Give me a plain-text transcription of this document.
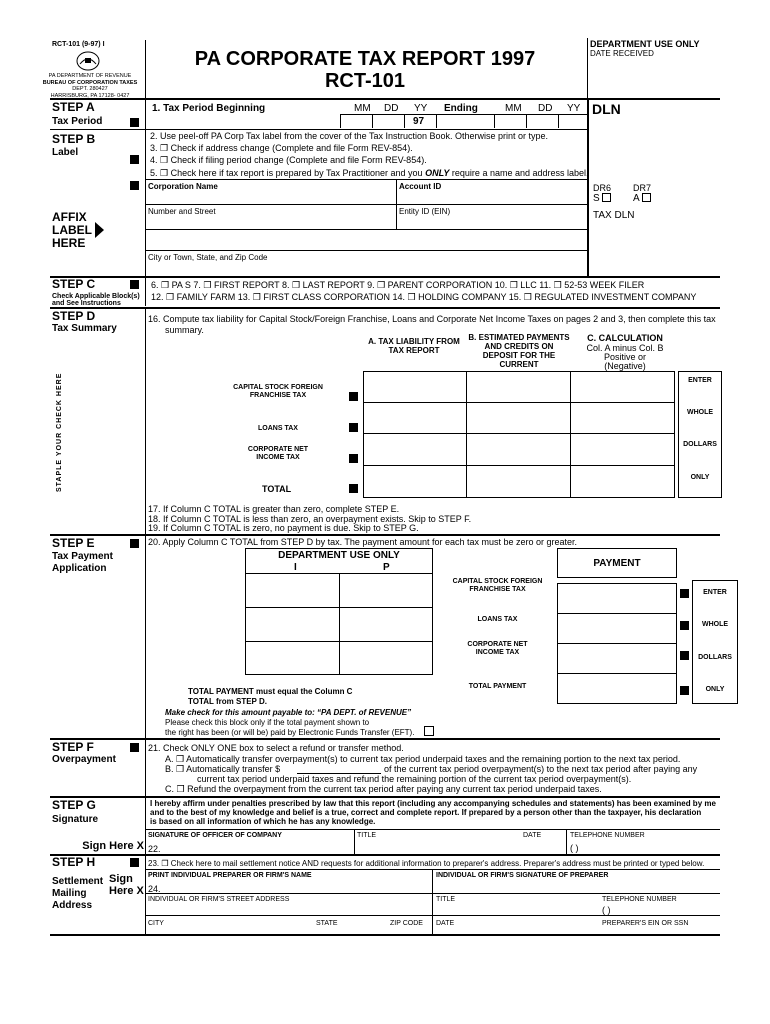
RCT-101 (9-97) I
PA DEPARTMENT OF REVENUE
BUREAU OF CORPORATION TAXES
DEPT. 280427
HARRISBURG, PA 17128- 0427
PA CORPORATE TAX REPORT 1997
RCT-101
DEPARTMENT USE ONLY
DATE RECEIVED
STEP A
Tax Period
1. Tax Period Beginning	MM DD YY Ending	MM DD YY
97
DLN
STEP B
Label
2. Use peel-off PA Corp Tax label from the cover of the Tax Instruction Book. Otherwise print or type.
3. ❒ Check if address change (Complete and file Form REV-854).
4. ❒ Check if filing period change (Complete and file Form REV-854).
5. ❒ Check here if tax report is prepared by Tax Practitioner and you ONLY require a name and address label.
Corporation Name	Account ID
Number and Street	Entity ID (EIN)
City or Town, State, and Zip Code
AFFIX
LABEL
HERE
DR6 DR7
S	A
TAX DLN
STEP C
Check Applicable Block(s)
and See Instructions
6. ❒ PA S 7. ❒ FIRST REPORT 8. ❒ LAST REPORT 9. ❒ PARENT CORPORATION 10. ❒ LLC 11. ❒ 52-53 WEEK FILER
12. ❒ FAMILY FARM 13. ❒ FIRST CLASS CORPORATION 14. ❒ HOLDING COMPANY 15. ❒ REGULATED INVESTMENT COMPANY
STEP D
Tax Summary
16. Compute tax liability for Capital Stock/Foreign Franchise, Loans and Corporate Net Income Taxes on pages 2 and 3, then complete this tax
summary.
A. TAX LIABILITY FROM TAX REPORT
B. ESTIMATED PAYMENTS AND CREDITS ON DEPOSIT FOR THE CURRENT
C. CALCULATION
Col. A minus Col. B
Positive or
(Negative)
CAPITAL STOCK FOREIGN FRANCHISE TAX
LOANS TAX
CORPORATE NET INCOME TAX
TOTAL
ENTER
WHOLE
DOLLARS
ONLY
STAPLE YOUR CHECK HERE
17. If Column C TOTAL is greater than zero, complete STEP E.
18. If Column C TOTAL is less than zero, an overpayment exists. Skip to STEP F.
19. If Column C TOTAL is zero, no payment is due. Skip to STEP G.
STEP E
Tax Payment
Application
20. Apply Column C TOTAL from STEP D by tax. The payment amount for each tax must be zero or greater.
DEPARTMENT USE ONLY
I	P	PAYMENT
CAPITAL STOCK FOREIGN FRANCHISE TAX
LOANS TAX
CORPORATE NET INCOME TAX
TOTAL PAYMENT
ENTER
WHOLE
DOLLARS
ONLY
TOTAL PAYMENT must equal the Column C
TOTAL from STEP D.
Make check for this amount payable to: “PA DEPT. of REVENUE”
Please check this block only if the total payment shown to
the right has been (or will be) paid by Electronic Funds Transfer (EFT).
STEP F
Overpayment
21. Check ONLY ONE box to select a refund or transfer method.
A. ❒ Automatically transfer overpayment(s) to current tax period underpaid taxes and the remaining portion to the next tax period.
B. ❒ Automatically transfer $	of the current tax period overpayment(s) to the next tax period after paying any
current tax period underpaid taxes and refund the remaining portion of the current tax period overpayment(s).
C. ❒ Refund the overpayment from the current tax period after paying any current tax period underpaid taxes.
STEP G
Signature
I hereby affirm under penalties prescribed by law that this report (including any accompanying schedules and statements) has been examined by me
and to the best of my knowledge and belief is a true, correct and complete report. If prepared by a person other than the taxpayer, his declaration
is based on all information of which he has any knowledge.
SIGNATURE OF OFFICER OF COMPANY	TITLE	DATE	TELEPHONE NUMBER
( )
Sign Here X 22.
STEP H
Settlement
Mailing
Address
Sign
Here X
23. ❒ Check here to mail settlement notice AND requests for additional information to preparer's address. Preparer's address must be printed or typed below.
PRINT INDIVIDUAL PREPARER OR FIRM'S NAME	INDIVIDUAL OR FIRM'S SIGNATURE OF PREPARER
24.
INDIVIDUAL OR FIRM'S STREET ADDRESS	TITLE	TELEPHONE NUMBER
( )
CITY	STATE	ZIP CODE DATE	PREPARER'S EIN OR SSN
